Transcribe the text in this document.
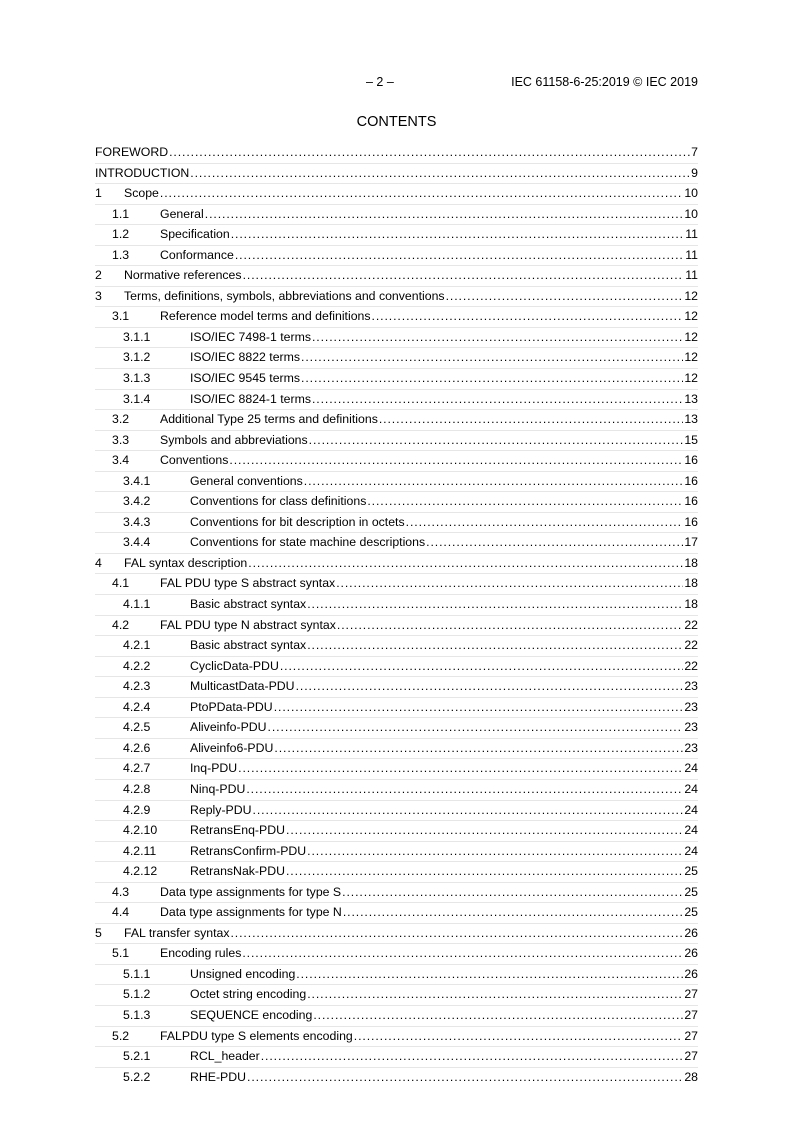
– 2 –	IEC 61158-6-25:2019 © IEC 2019
CONTENTS
FOREWORD .....	7
INTRODUCTION .....	9
1 Scope .....	10
1.1	General .....	10
1.2	Specification .....	11
1.3	Conformance .....	11
2 Normative references .....	11
3 Terms, definitions, symbols, abbreviations and conventions .....	12
3.1	Reference model terms and definitions .....	12
3.1.1	ISO/IEC 7498-1 terms .....	12
3.1.2	ISO/IEC 8822 terms .....	12
3.1.3	ISO/IEC 9545 terms .....	12
3.1.4	ISO/IEC 8824-1 terms .....	13
3.2	Additional Type 25 terms and definitions .....	13
3.3	Symbols and abbreviations .....	15
3.4	Conventions .....	16
3.4.1	General conventions .....	16
3.4.2	Conventions for class definitions .....	16
3.4.3	Conventions for bit description in octets .....	16
3.4.4	Conventions for state machine descriptions .....	17
4 FAL syntax description .....	18
4.1	FAL PDU type S abstract syntax .....	18
4.1.1	Basic abstract syntax .....	18
4.2	FAL PDU type N abstract syntax .....	22
4.2.1	Basic abstract syntax .....	22
4.2.2	CyclicData-PDU .....	22
4.2.3	MulticastData-PDU .....	23
4.2.4	PtoPData-PDU .....	23
4.2.5	Aliveinfo-PDU .....	23
4.2.6	Aliveinfo6-PDU .....	23
4.2.7	Inq-PDU .....	24
4.2.8	Ninq-PDU .....	24
4.2.9	Reply-PDU .....	24
4.2.10	RetransEnq-PDU .....	24
4.2.11	RetransConfirm-PDU .....	24
4.2.12	RetransNak-PDU .....	25
4.3	Data type assignments for type S .....	25
4.4	Data type assignments for type N .....	25
5 FAL transfer syntax .....	26
5.1	Encoding rules .....	26
5.1.1	Unsigned encoding .....	26
5.1.2	Octet string encoding .....	27
5.1.3	SEQUENCE encoding .....	27
5.2	FALPDU type S elements encoding .....	27
5.2.1	RCL_header .....	27
5.2.2	RHE-PDU .....	28
